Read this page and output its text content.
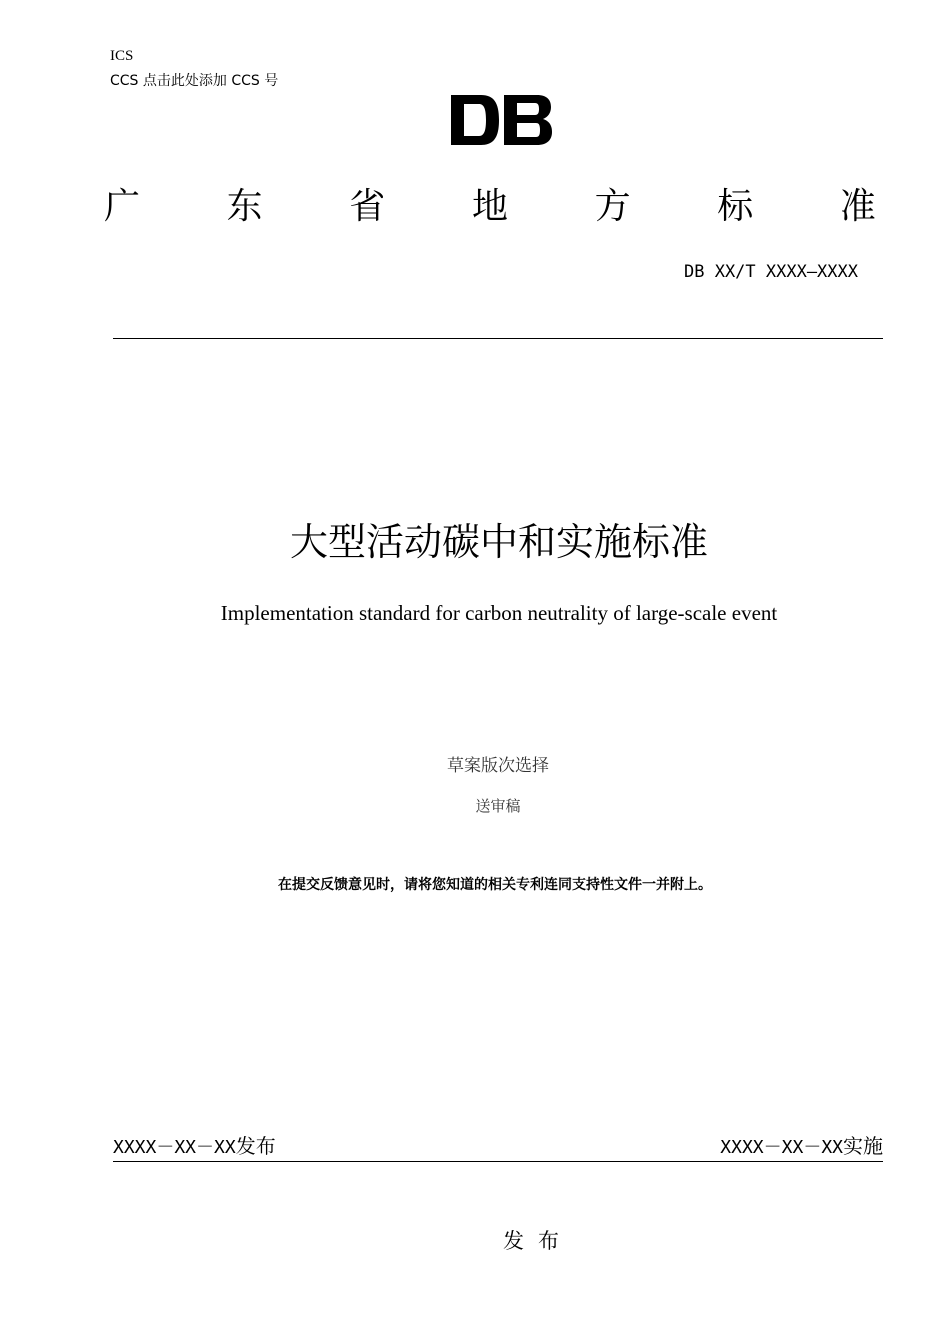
ICS
CCS 点击此处添加 CCS 号
广 东 省 地 方 标 准
DB XX/T XXXX—XXXX
大型活动碳中和实施标准
Implementation standard for carbon neutrality of large-scale event
草案版次选择
送审稿
在提交反馈意见时，请将您知道的相关专利连同支持性文件一并附上。
XXXX－XX－XX发布	XXXX－XX－XX实施
发布
